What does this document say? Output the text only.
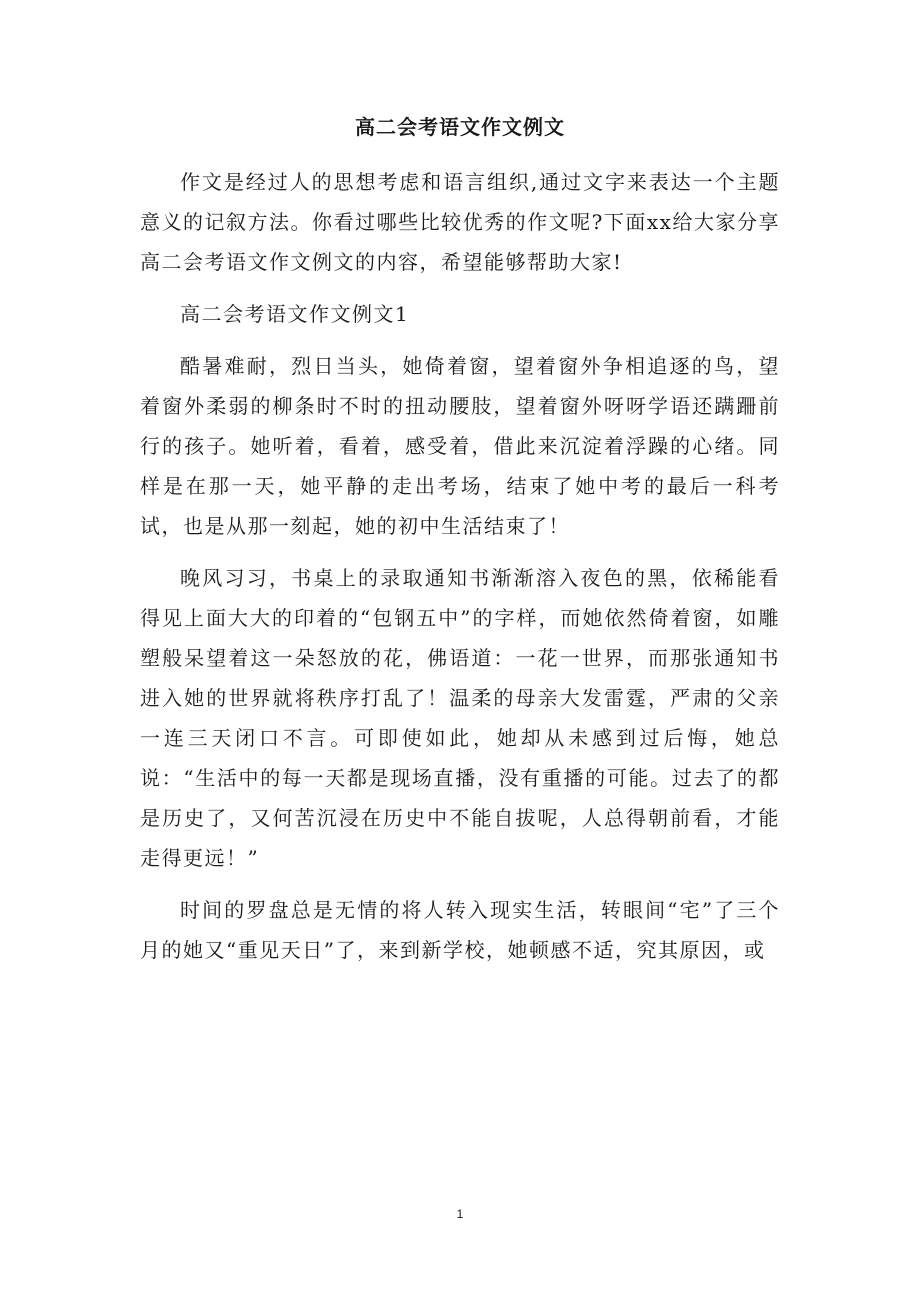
高二会考语文作文例文

作文是经过人的思想考虑和语言组织,通过文字来表达一个主题意义的记叙方法。你看过哪些比较优秀的作文呢?下面xx给大家分享高二会考语文作文例文的内容，希望能够帮助大家!

高二会考语文作文例文1

酷暑难耐，烈日当头，她倚着窗，望着窗外争相追逐的鸟，望着窗外柔弱的柳条时不时的扭动腰肢，望着窗外呀呀学语还蹒跚前行的孩子。她听着，看着，感受着，借此来沉淀着浮躁的心绪。同样是在那一天，她平静的走出考场，结束了她中考的最后一科考试，也是从那一刻起，她的初中生活结束了！

晚风习习，书桌上的录取通知书渐渐溶入夜色的黑，依稀能看得见上面大大的印着的“包钢五中”的字样，而她依然倚着窗，如雕塑般呆望着这一朵怒放的花，佛语道：一花一世界，而那张通知书进入她的世界就将秩序打乱了！温柔的母亲大发雷霆，严肃的父亲一连三天闭口不言。可即使如此，她却从未感到过后悔，她总说：“生活中的每一天都是现场直播，没有重播的可能。过去了的都是历史了，又何苦沉浸在历史中不能自拔呢，人总得朝前看，才能走得更远！”

时间的罗盘总是无情的将人转入现实生活，转眼间“宅”了三个月的她又“重见天日”了，来到新学校，她顿感不适，究其原因，或

1
